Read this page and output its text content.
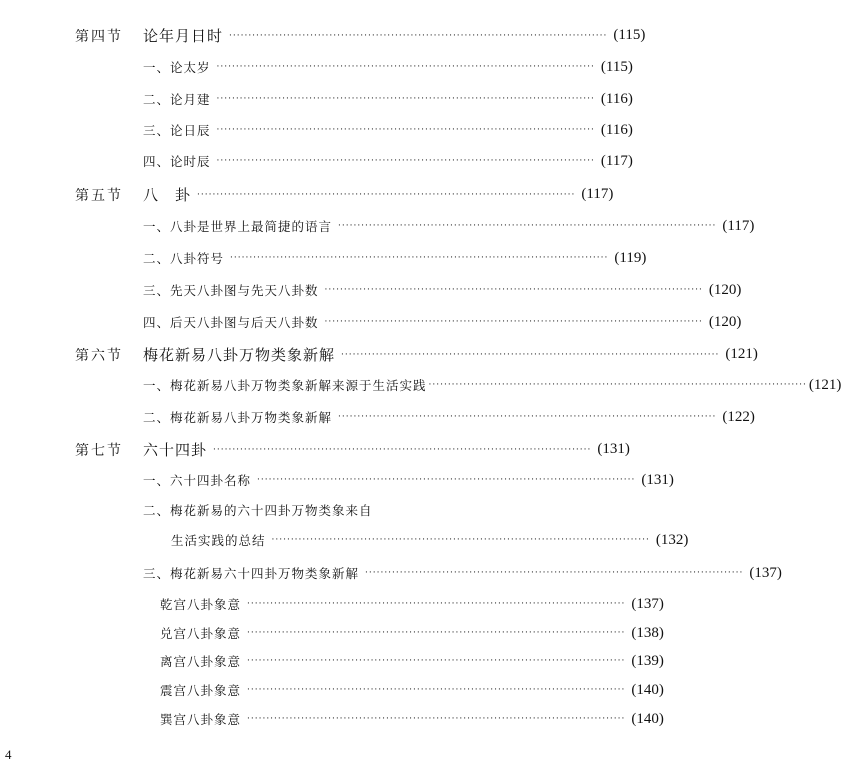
第四节 论年月日时 ·································································································· (115)
一、论太岁 ·································································································· (115)
二、论月建 ·································································································· (116)
三、论日辰 ·································································································· (116)
四、论时辰 ·································································································· (117)
第五节 八　卦 ·································································································· (117)
一、八卦是世界上最简捷的语言 ·································································································· (117)
二、八卦符号 ·································································································· (119)
三、先天八卦图与先天八卦数 ·································································································· (120)
四、后天八卦图与后天八卦数 ·································································································· (120)
第六节 梅花新易八卦万物类象新解 ·································································································· (121)
一、梅花新易八卦万物类象新解来源于生活实践 ·································································································· (121)
二、梅花新易八卦万物类象新解 ·································································································· (122)
第七节 六十四卦 ·································································································· (131)
一、六十四卦名称 ·································································································· (131)
二、梅花新易的六十四卦万物类象来自
生活实践的总结 ·································································································· (132)
三、梅花新易六十四卦万物类象新解 ·································································································· (137)
乾宫八卦象意 ·································································································· (137)
兑宫八卦象意 ·································································································· (138)
离宫八卦象意 ·································································································· (139)
震宫八卦象意 ·································································································· (140)
巽宫八卦象意 ·································································································· (140)
4
